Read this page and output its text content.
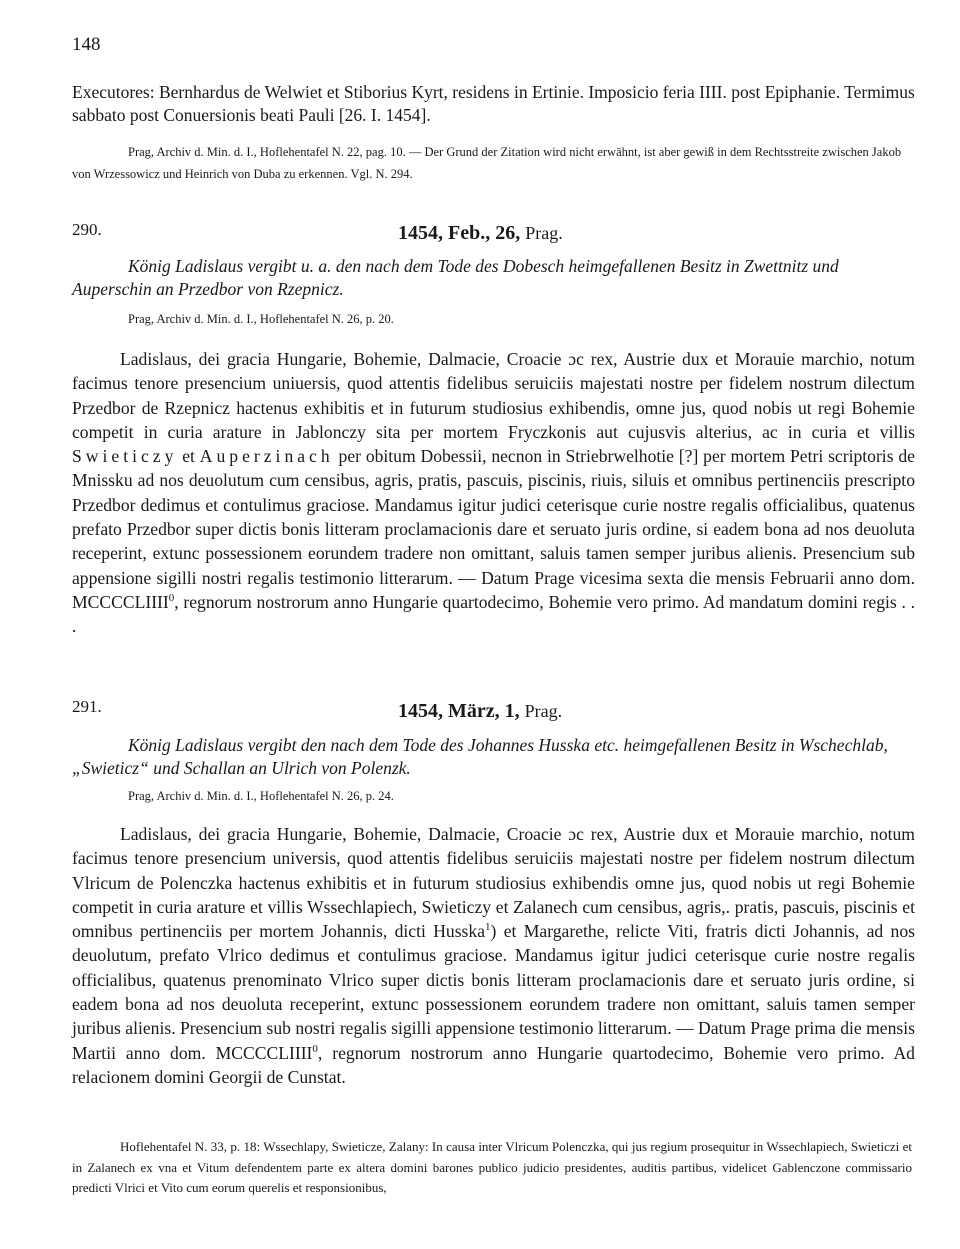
148
Executores: Bernhardus de Welwiet et Stiborius Kyrt, residens in Ertinie. Imposicio feria IIII. post Epiphanie. Termimus sabbato post Conuersionis beati Pauli [26. I. 1454].
Prag, Archiv d. Min. d. I., Hoflehentafel N. 22, pag. 10. — Der Grund der Zitation wird nicht erwähnt, ist aber gewiß in dem Rechtsstreite zwischen Jakob von Wrzessowicz und Heinrich von Duba zu erkennen. Vgl. N. 294.
290.	1454, Feb., 26, Prag.
König Ladislaus vergibt u. a. den nach dem Tode des Dobesch heimgefallenen Besitz in Zwettnitz und Auperschin an Przedbor von Rzepnicz.
Prag, Archiv d. Min. d. I., Hoflehentafel N. 26, p. 20.

Ladislaus, dei gracia Hungarie, Bohemie, Dalmacie, Croacie ɔc rex, Austrie dux et Morauie marchio, notum facimus tenore presencium uniuersis, quod attentis fidelibus seruiciis majestati nostre per fidelem nostrum dilectum Przedbor de Rzepnicz hactenus exhibitis et in futurum studiosius exhibendis, omne jus, quod nobis ut regi Bohemie competit in curia arature in Jablonczy sita per mortem Fryczkonis aut cujusvis alterius, ac in curia et villis Swieticzy et Auperzinach per obitum Dobessii, necnon in Striebrwelhotie [?] per mortem Petri scriptoris de Mnissku ad nos deuolutum cum censibus, agris, pratis, pascuis, piscinis, riuis, siluis et omnibus pertinenciis prescripto Przedbor dedimus et contulimus graciose. Mandamus igitur judici ceterisque curie nostre regalis officialibus, quatenus prefato Przedbor super dictis bonis litteram proclamacionis dare et seruato juris ordine, si eadem bona ad nos deuoluta receperint, extunc possessionem eorundem tradere non omittant, saluis tamen semper juribus alienis. Presencium sub appensione sigilli nostri regalis testimonio litterarum. — Datum Prage vicesima sexta die mensis Februarii anno dom. MCCCCLIIII$^0$, regnorum nostrorum anno Hungarie quartodecimo, Bohemie vero primo. Ad mandatum domini regis . . .

291.	1454, März, 1, Prag.
König Ladislaus vergibt den nach dem Tode des Johannes Husska etc. heimgefallenen Besitz in Wschechlab, „Swieticz“ und Schallan an Ulrich von Polenzk.
Prag, Archiv d. Min. d. I., Hoflehentafel N. 26, p. 24.

Ladislaus, dei gracia Hungarie, Bohemie, Dalmacie, Croacie ɔc rex, Austrie dux et Morauie marchio, notum facimus tenore presencium universis, quod attentis fidelibus seruiciis majestati nostre per fidelem nostrum dilectum Vlricum de Polenczka hactenus exhibitis et in futurum studiosius exhibendis omne jus, quod nobis ut regi Bohemie competit in curia arature et villis Wssechlapiech, Swieticzy et Zalanech cum censibus, agris,. pratis, pascuis, piscinis et omnibus pertinenciis per mortem Johannis, dicti Husska$^1$) et Margarethe, relicte Viti, fratris dicti Johannis, ad nos deuolutum, prefato Vlrico dedimus et contulimus graciose. Mandamus igitur judici ceterisque curie nostre regalis officialibus, quatenus prenominato Vlrico super dictis bonis litteram proclamacionis dare et seruato juris ordine, si eadem bona ad nos deuoluta receperint, extunc possessionem eorundem tradere non omittant, saluis tamen semper juribus alienis. Presencium sub nostri regalis sigilli appensione testimonio litterarum. — Datum Prage prima die mensis Martii anno dom. MCCCCLIIII$^0$, regnorum nostrorum anno Hungarie quartodecimo, Bohemie vero primo. Ad relacionem domini Georgii de Cunstat.

Hoflehentafel N. 33, p. 18: Wssechlapy, Swieticze, Zalany: In causa inter Vlricum Polenczka, qui jus regium prosequitur in Wssechlapiech, Swieticzi et in Zalanech ex vna et Vitum defendentem parte ex altera domini barones publico judicio presidentes, auditis partibus, videlicet Gablenczone commissario predicti Vlrici et Vito cum eorum querelis et responsionibus,
